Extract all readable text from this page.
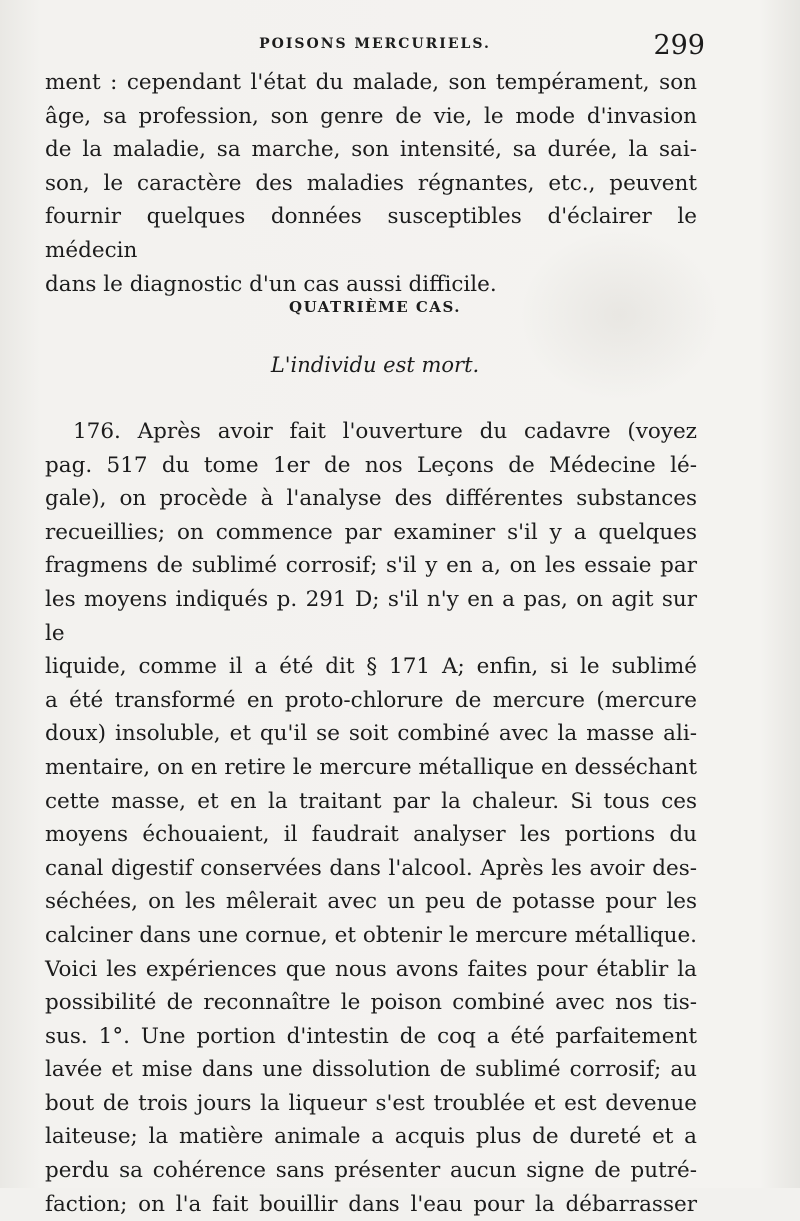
POISONS MERCURIELS.	299
ment : cependant l'état du malade, son tempérament, son
âge, sa profession, son genre de vie, le mode d'invasion
de la maladie, sa marche, son intensité, sa durée, la sai-
son, le caractère des maladies régnantes, etc., peuvent
fournir quelques données susceptibles d'éclairer le médecin
dans le diagnostic d'un cas aussi difficile.
QUATRIÈME CAS.
L'individu est mort.
176. Après avoir fait l'ouverture du cadavre (voyez
pag. 517 du tome 1er de nos Leçons de Médecine lé-
gale), on procède à l'analyse des différentes substances
recueillies; on commence par examiner s'il y a quelques
fragmens de sublimé corrosif; s'il y en a, on les essaie par
les moyens indiqués p. 291 D; s'il n'y en a pas, on agit sur le
liquide, comme il a été dit § 171 A; enfin, si le sublimé
a été transformé en proto-chlorure de mercure (mercure
doux) insoluble, et qu'il se soit combiné avec la masse ali-
mentaire, on en retire le mercure métallique en desséchant
cette masse, et en la traitant par la chaleur. Si tous ces
moyens échouaient, il faudrait analyser les portions du
canal digestif conservées dans l'alcool. Après les avoir des-
séchées, on les mêlerait avec un peu de potasse pour les
calciner dans une cornue, et obtenir le mercure métallique.
Voici les expériences que nous avons faites pour établir la
possibilité de reconnaître le poison combiné avec nos tis-
sus. 1°. Une portion d'intestin de coq a été parfaitement
lavée et mise dans une dissolution de sublimé corrosif; au
bout de trois jours la liqueur s'est troublée et est devenue
laiteuse; la matière animale a acquis plus de dureté et a
perdu sa cohérence sans présenter aucun signe de putré-
faction; on l'a fait bouillir dans l'eau pour la débarrasser
